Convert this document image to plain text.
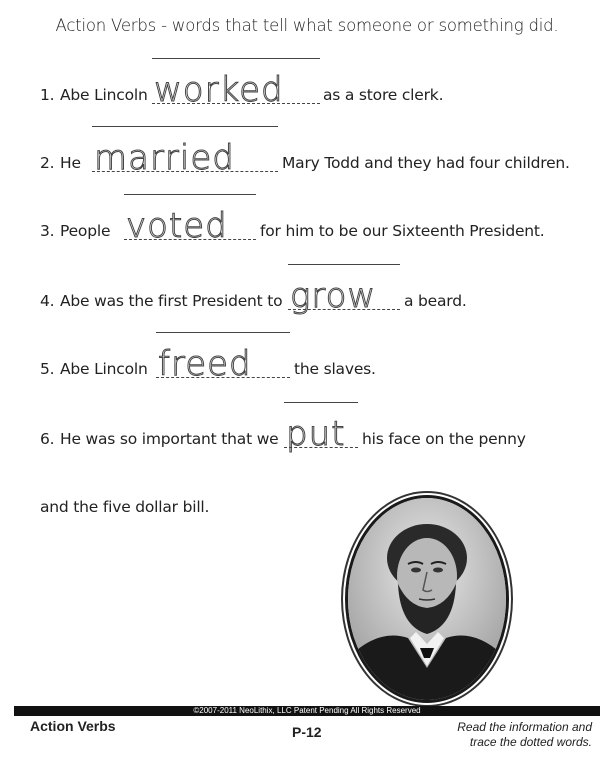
Action Verbs - words that tell what someone or something did.
1. Abe Lincoln worked	as a store clerk.
2. He married	Mary Todd and they had four children.
3. People voted for him to be our Sixteenth President.
4. Abe was the first President to grow a beard.
5. Abe Lincoln freed	the slaves.
6. He was so important that we put his face on the penny
and the five dollar bill.
©2007-2011 NeoLithix, LLC Patent Pending All Rights Reserved
Action Verbs	P-12	Read the information and
trace the dotted words.
